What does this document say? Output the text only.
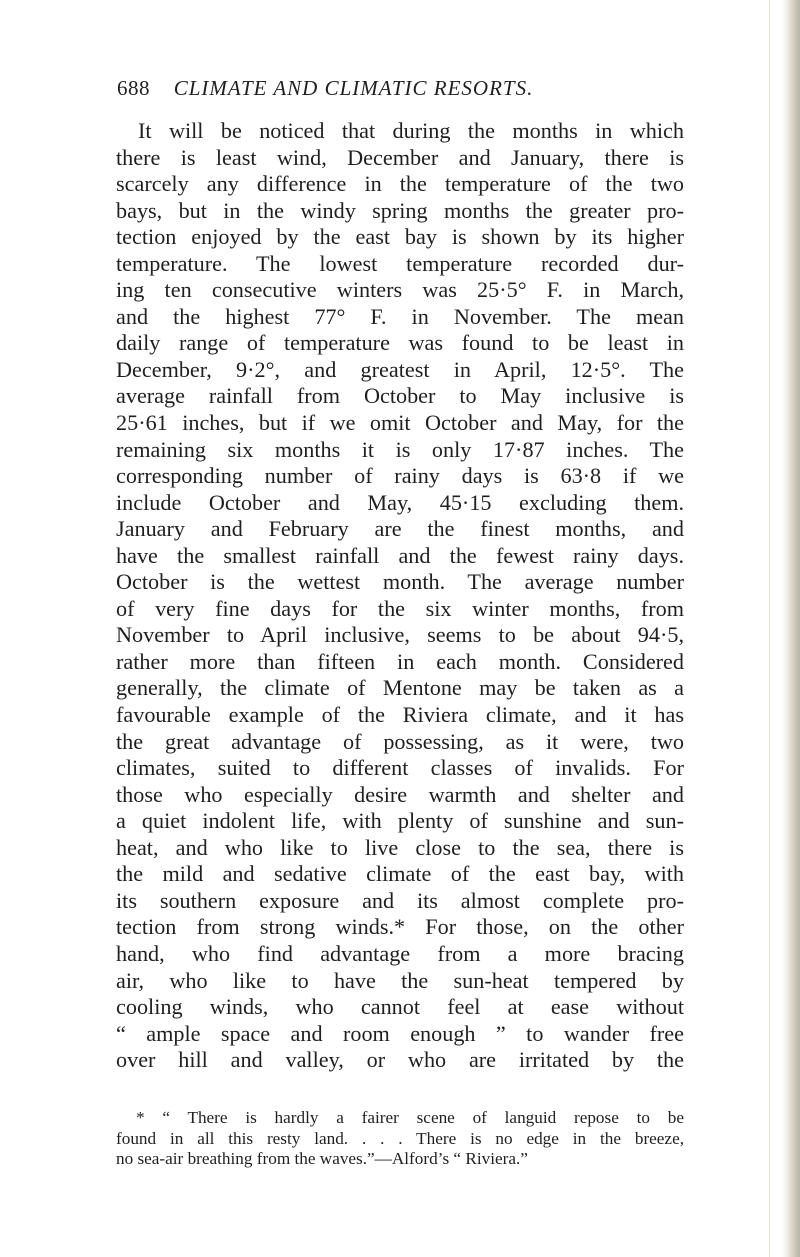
688 CLIMATE AND CLIMATIC RESORTS.
It will be noticed that during the months in which
there is least wind, December and January, there is
scarcely any difference in the temperature of the two
bays, but in the windy spring months the greater pro-
tection enjoyed by the east bay is shown by its higher
temperature. The lowest temperature recorded dur-
ing ten consecutive winters was 25·5° F. in March,
and the highest 77° F. in November. The mean
daily range of temperature was found to be least in
December, 9·2°, and greatest in April, 12·5°. The
average rainfall from October to May inclusive is
25·61 inches, but if we omit October and May, for the
remaining six months it is only 17·87 inches. The
corresponding number of rainy days is 63·8 if we
include October and May, 45·15 excluding them.
January and February are the finest months, and
have the smallest rainfall and the fewest rainy days.
October is the wettest month. The average number
of very fine days for the six winter months, from
November to April inclusive, seems to be about 94·5,
rather more than fifteen in each month. Considered
generally, the climate of Mentone may be taken as a
favourable example of the Riviera climate, and it has
the great advantage of possessing, as it were, two
climates, suited to different classes of invalids. For
those who especially desire warmth and shelter and
a quiet indolent life, with plenty of sunshine and sun-
heat, and who like to live close to the sea, there is
the mild and sedative climate of the east bay, with
its southern exposure and its almost complete pro-
tection from strong winds.* For those, on the other
hand, who find advantage from a more bracing
air, who like to have the sun-heat tempered by
cooling winds, who cannot feel at ease without
“ ample space and room enough ” to wander free
over hill and valley, or who are irritated by the
* “ There is hardly a fairer scene of languid repose to be
found in all this resty land. . . . There is no edge in the breeze,
no sea-air breathing from the waves.”—Alford’s “ Riviera.”
